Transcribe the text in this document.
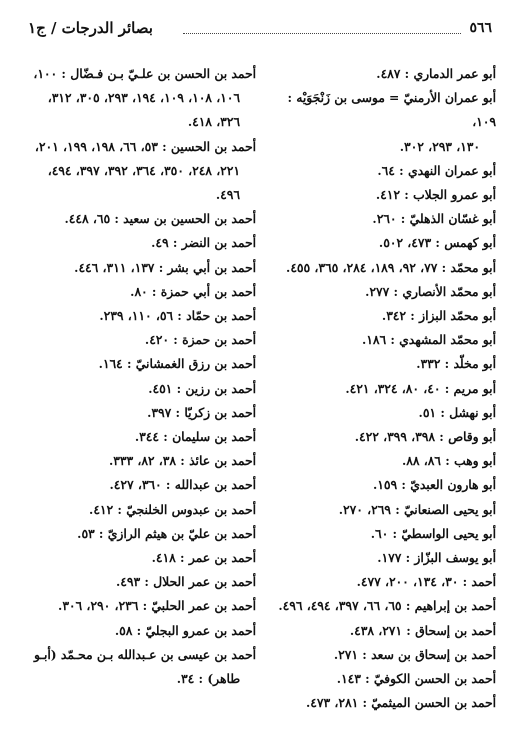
٥٦٦
بصائر الدرجات / ج١
أبو عمر الدماري : ٤٨٧.
أبو عمران الأرمنيّ = موسى بن زَنْجَوَيْه : ١٠٩،
١٣٠، ٢٩٣، ٣٠٢.
أبو عمران النهدي : ٦٤.
أبو عمرو الجلاب : ٤١٢.
أبو غسّان الذهليّ : ٢٦٠.
أبو كهمس : ٤٧٣، ٥٠٢.
أبو محمّد : ٧٧، ٩٢، ١٨٩، ٢٨٤، ٣٦٥، ٤٥٥.
أبو محمّد الأنصاري : ٢٧٧.
أبو محمّد البزاز : ٣٤٢.
أبو محمّد المشهدي : ١٨٦.
أبو مخلّد : ٣٣٢.
أبو مريم : ٤٠، ٨٠، ٣٢٤، ٤٢١.
أبو نهشل : ٥١.
أبو وقاص : ٣٩٨، ٣٩٩، ٤٢٢.
أبو وهب : ٨٦، ٨٨.
أبو هارون العبديّ : ١٥٩.
أبو يحيى الصنعانيّ : ٢٦٩، ٢٧٠.
أبو يحيى الواسطيّ : ٦٠.
أبو يوسف البزّاز : ١٧٧.
أحمد : ٣٠، ١٣٤، ٢٠٠، ٤٧٧.
أحمد بن إبراهيم : ٦٥، ٦٦، ٣٩٧، ٤٩٤، ٤٩٦.
أحمد بن إسحاق : ٢٧١، ٤٣٨.
أحمد بن إسحاق بن سعد : ٢٧١.
أحمد بن الحسن الكوفيّ : ١٤٣.
أحمد بن الحسن الميثميّ : ٢٨١، ٤٧٣.
أحمد بن الحسن بن علـيّ بـن فـضّال : ١٠٠،
١٠٦، ١٠٨، ١٠٩، ١٩٤، ٢٩٣، ٣٠٥، ٣١٢،
٣٢٦، ٤١٨.
أحمد بن الحسين : ٥٣، ٦٦، ١٩٨، ١٩٩، ٢٠١،
٢٢١، ٢٤٨، ٣٥٠، ٣٦٤، ٣٩٢، ٣٩٧، ٤٩٤،
٤٩٦.
أحمد بن الحسين بن سعيد : ٦٥، ٤٤٨.
أحمد بن النضر : ٤٩.
أحمد بن أبي بشر : ١٣٧، ٣١١، ٤٤٦.
أحمد بن أبي حمزة : ٨٠.
أحمد بن حمّاد : ٥٦، ١١٠، ٢٣٩.
أحمد بن حمزة : ٤٢٠.
أحمد بن رزق الغمشانيّ : ١٦٤.
أحمد بن رزين : ٤٥١.
أحمد بن زكريّا : ٣٩٧.
أحمد بن سليمان : ٣٤٤.
أحمد بن عائذ : ٣٨، ٨٢، ٣٣٣.
أحمد بن عبدالله : ٣٦٠، ٤٢٧.
أحمد بن عبدوس الخلنجيّ : ٤١٢.
أحمد بن عليّ بن هيثم الرازيّ : ٥٣.
أحمد بن عمر : ٤١٨.
أحمد بن عمر الحلال : ٤٩٣.
أحمد بن عمر الحلبيّ : ٢٣٦، ٢٩٠، ٣٠٦.
أحمد بن عمرو البجليّ : ٥٨.
أحمد بن عيسى بن عـبدالله بـن محـمّد (أبـو
طاهر) : ٣٤.
